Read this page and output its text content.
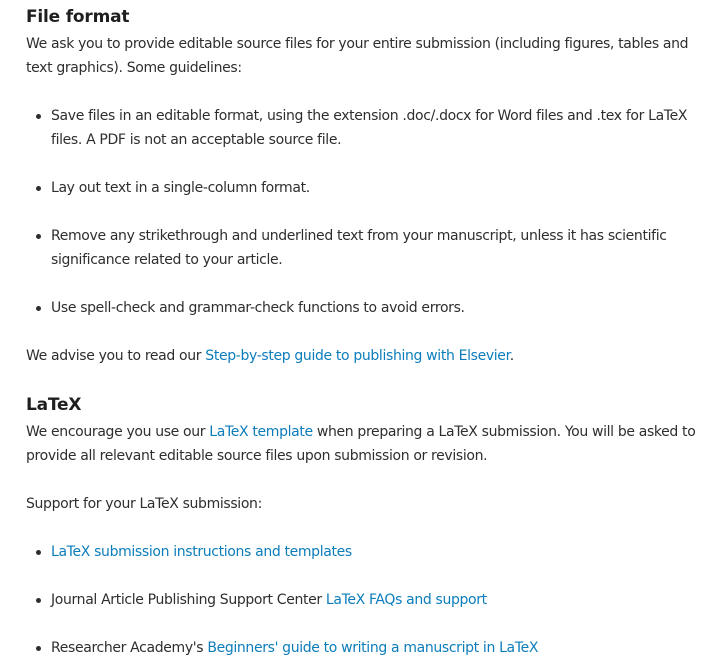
File format

We ask you to provide editable source files for your entire submission (including figures, tables and text graphics). Some guidelines:

Save files in an editable format, using the extension .doc/.docx for Word files and .tex for LaTeX files. A PDF is not an acceptable source file.
Lay out text in a single-column format.
Remove any strikethrough and underlined text from your manuscript, unless it has scientific significance related to your article.
Use spell-check and grammar-check functions to avoid errors.

We advise you to read our Step-by-step guide to publishing with Elsevier.

LaTeX

We encourage you use our LaTeX template when preparing a LaTeX submission. You will be asked to provide all relevant editable source files upon submission or revision.

Support for your LaTeX submission:

LaTeX submission instructions and templates
Journal Article Publishing Support Center LaTeX FAQs and support
Researcher Academy's Beginners' guide to writing a manuscript in LaTeX
